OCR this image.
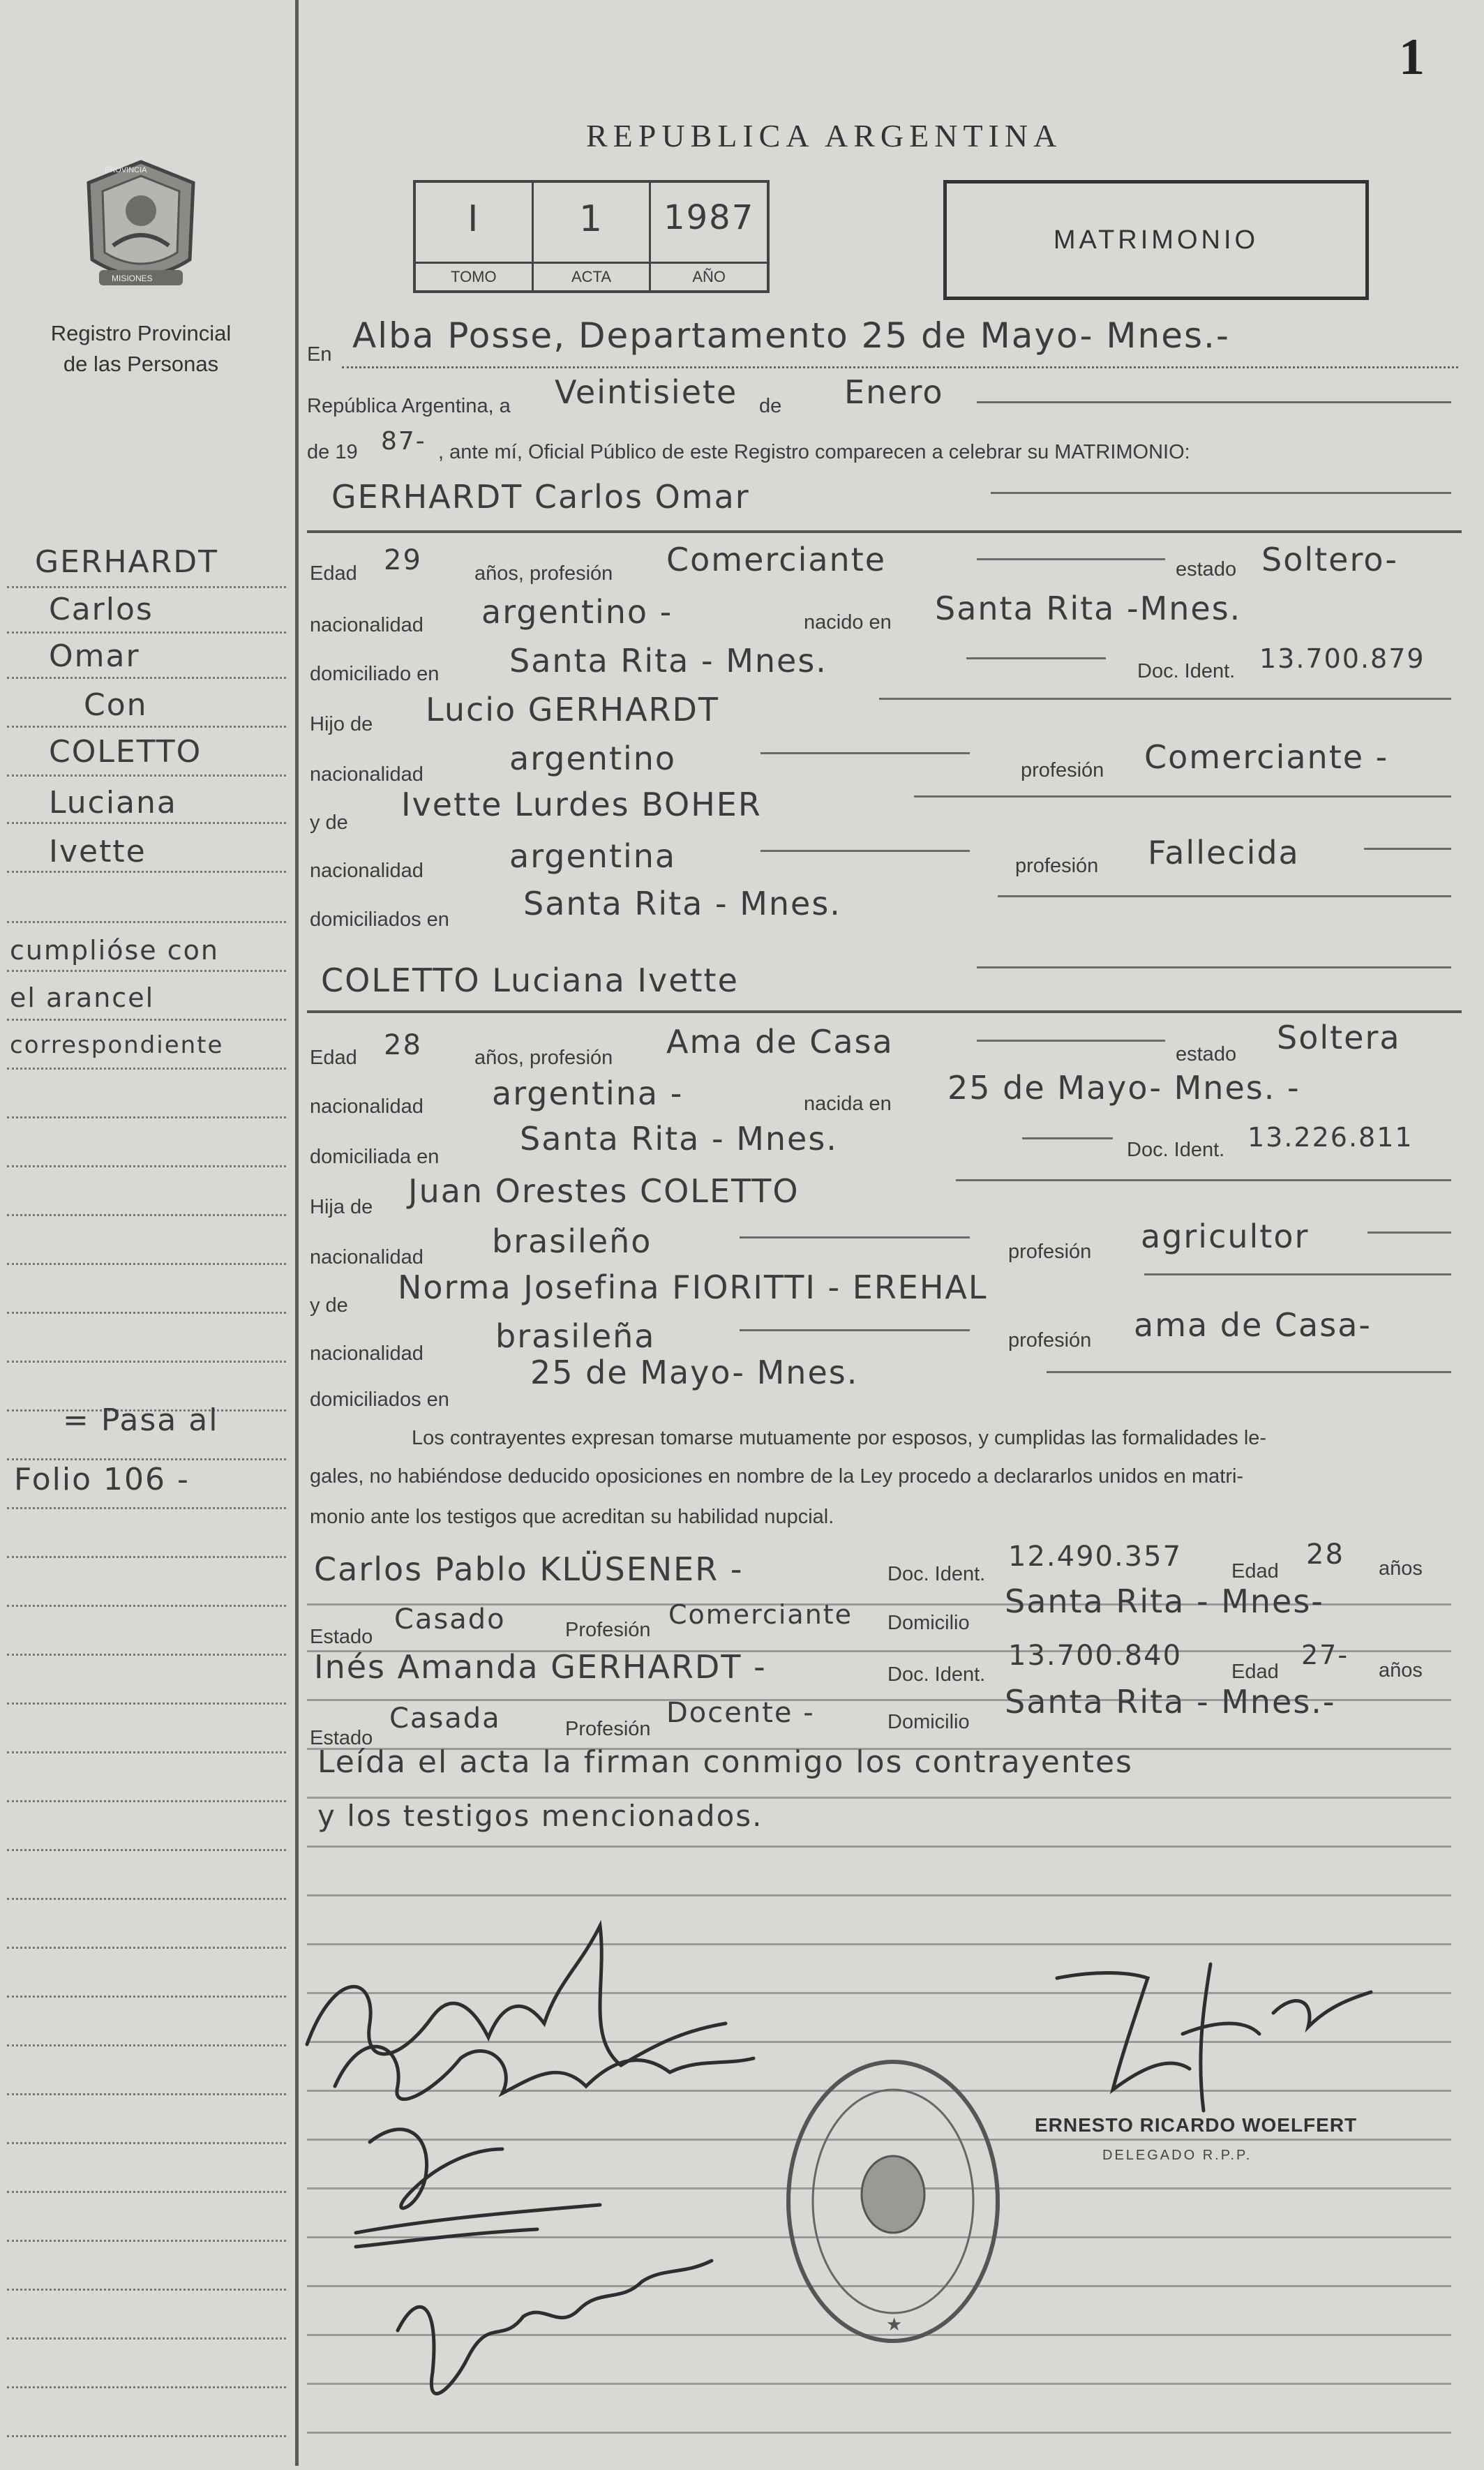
1
PROVINCIA
MISIONES
Registro Provincial
de las Personas
REPUBLICA ARGENTINA
I
TOMO
1
ACTA
1987
AÑO
MATRIMONIO
GERHARDT
Carlos
Omar
Con
COLETTO
Luciana
Ivette
cumplióse con
el arancel
correspondiente
= Pasa al
Folio 106 -
En Alba Posse, Departamento 25 de Mayo- Mnes.-
República Argentina, a Veintisiete de Enero
de 19 87- , ante mí, Oficial Público de este Registro comparecen a celebrar su MATRIMONIO:
GERHARDT Carlos Omar
Edad 29	años, profesión Comerciante	estado Soltero-
nacionalidad argentino -	nacido en Santa Rita -Mnes.
domiciliado en Santa Rita - Mnes.	Doc. Ident. 13.700.879
Hijo de Lucio GERHARDT
nacionalidad	argentino	profesión Comerciante -
y de Ivette Lurdes BOHER
nacionalidad	argentina	profesión Fallecida
domiciliados en Santa Rita - Mnes.
COLETTO Luciana Ivette
Edad 28	años, profesión Ama de Casa	estado Soltera
nacionalidad argentina -	nacida en 25 de Mayo- Mnes. -
domiciliada en	Santa Rita - Mnes.	Doc. Ident. 13.226.811
Hija de Juan Orestes COLETTO
nacionalidad brasileño	profesión agricultor
y de Norma Josefina FIORITTI - EREHAL
nacionalidad brasileña	profesión ama de Casa-
domiciliados en
25 de Mayo- Mnes.
Los contrayentes expresan tomarse mutuamente por esposos, y cumplidas las formalidades le-
gales, no habiéndose deducido oposiciones en nombre de la Ley procedo a declararlos unidos en matri-
monio ante los testigos que acreditan su habilidad nupcial.
Carlos Pablo KLÜSENER -	Doc. Ident.
12.490.357 Edad
28 años
Estado
Casado	Profesión Comerciante Domicilio
Santa Rita - Mnes-
Inés Amanda GERHARDT -	Doc. Ident.
13.700.840 Edad
27- años
Estado
Casada	Profesión Docente -	Domicilio
Santa Rita - Mnes.-
Leída el acta la firman conmigo los contrayentes
y los testigos mencionados.
ERNESTO RICARDO WOELFERT
DELEGADO R.P.P.
★
